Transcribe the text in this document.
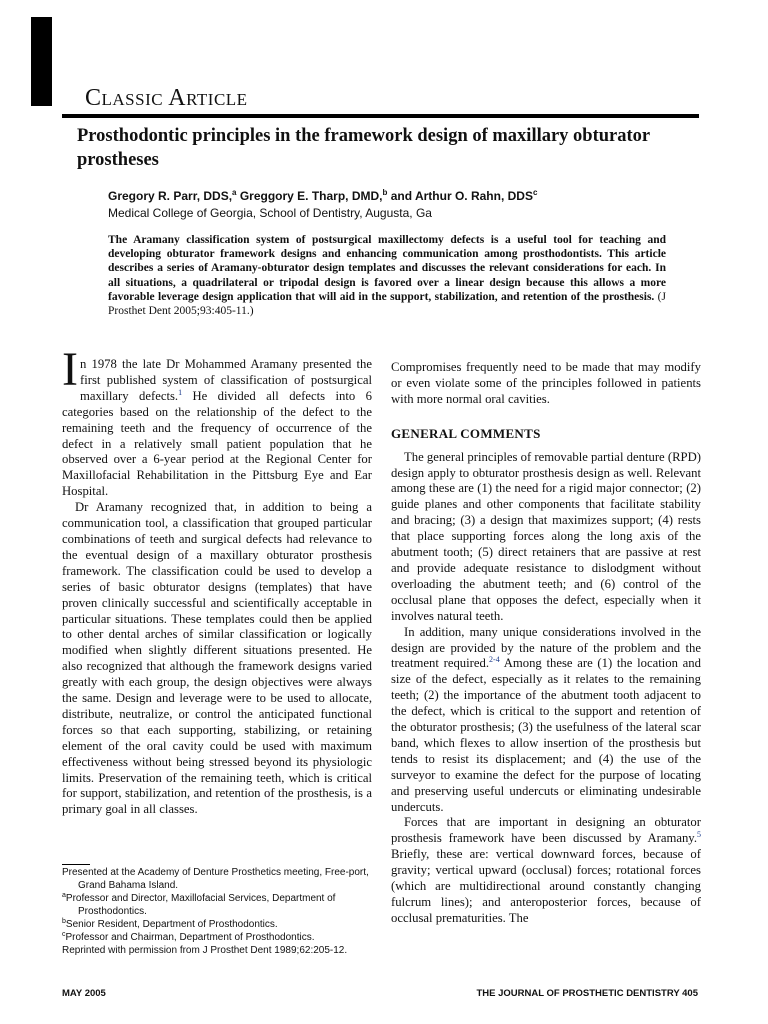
Classic Article
Prosthodontic principles in the framework design of maxillary obturator prostheses
Gregory R. Parr, DDS,$^a$ Greggory E. Tharp, DMD,$^b$ and Arthur O. Rahn, DDS$^c$
Medical College of Georgia, School of Dentistry, Augusta, Ga
The Aramany classification system of postsurgical maxillectomy defects is a useful tool for teaching and developing obturator framework designs and enhancing communication among prosthodontists. This article describes a series of Aramany-obturator design templates and discusses the relevant considerations for each. In all situations, a quadrilateral or tripodal design is favored over a linear design because this allows a more favorable leverage design application that will aid in the support, stabilization, and retention of the prosthesis. (J Prosthet Dent 2005;93:405-11.)

In 1978 the late Dr Mohammed Aramany presented the first published system of classification of postsurgical maxillary defects.$^1$ He divided all defects into 6 categories based on the relationship of the defect to the remaining teeth and the frequency of occurrence of the defect in a relatively small patient population that he observed over a 6-year period at the Regional Center for Maxillofacial Rehabilitation in the Pittsburg Eye and Ear Hospital.

Dr Aramany recognized that, in addition to being a communication tool, a classification that grouped particular combinations of teeth and surgical defects had relevance to the eventual design of a maxillary obturator prosthesis framework. The classification could be used to develop a series of basic obturator designs (templates) that have proven clinically successful and scientifically acceptable in particular situations. These templates could then be applied to other dental arches of similar classification or logically modified when slightly different situations presented. He also recognized that although the framework designs varied greatly with each group, the design objectives were always the same. Design and leverage were to be used to allocate, distribute, neutralize, or control the anticipated functional forces so that each supporting, stabilizing, or retaining element of the oral cavity could be used with maximum effectiveness without being stressed beyond its physiologic limits. Preservation of the remaining teeth, which is critical for support, stabilization, and retention of the prosthesis, is a primary goal in all classes.

Presented at the Academy of Denture Prosthetics meeting, Free-port, Grand Bahama Island.
$^a$Professor and Director, Maxillofacial Services, Department of Prosthodontics.
$^b$Senior Resident, Department of Prosthodontics.
$^c$Professor and Chairman, Department of Prosthodontics.
Reprinted with permission from J Prosthet Dent 1989;62:205-12.

Compromises frequently need to be made that may modify or even violate some of the principles followed in patients with more normal oral cavities.

GENERAL COMMENTS

The general principles of removable partial denture (RPD) design apply to obturator prosthesis design as well. Relevant among these are (1) the need for a rigid major connector; (2) guide planes and other components that facilitate stability and bracing; (3) a design that maximizes support; (4) rests that place supporting forces along the long axis of the abutment tooth; (5) direct retainers that are passive at rest and provide adequate resistance to dislodgment without overloading the abutment teeth; and (6) control of the occlusal plane that opposes the defect, especially when it involves natural teeth.

In addition, many unique considerations involved in the design are provided by the nature of the problem and the treatment required.$^{2-4}$ Among these are (1) the location and size of the defect, especially as it relates to the remaining teeth; (2) the importance of the abutment tooth adjacent to the defect, which is critical to the support and retention of the obturator prosthesis; (3) the usefulness of the lateral scar band, which flexes to allow insertion of the prosthesis but tends to resist its displacement; and (4) the use of the surveyor to examine the defect for the purpose of locating and preserving useful undercuts or eliminating undesirable undercuts.

Forces that are important in designing an obturator prosthesis framework have been discussed by Aramany.$^5$ Briefly, these are: vertical downward forces, because of gravity; vertical upward (occlusal) forces; rotational forces (which are multidirectional around constantly changing fulcrum lines); and anteroposterior forces, because of occlusal prematurities. The

MAY 2005	THE JOURNAL OF PROSTHETIC DENTISTRY 405
